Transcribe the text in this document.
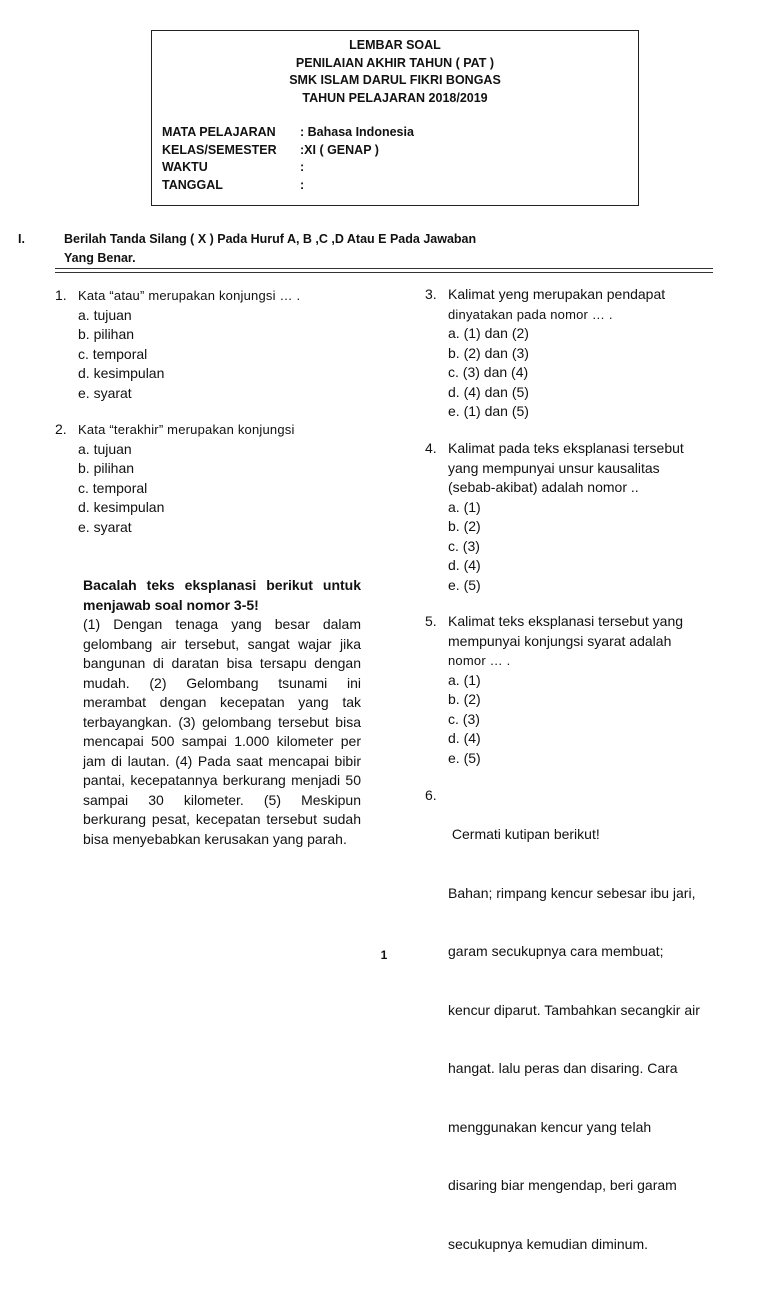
LEMBAR SOAL
PENILAIAN AKHIR TAHUN ( PAT )
SMK ISLAM DARUL FIKRI BONGAS
TAHUN PELAJARAN 2018/2019
MATA PELAJARAN : Bahasa Indonesia
KELAS/SEMESTER :XI ( GENAP )
WAKTU	:
TANGGAL	:
I.	Berilah Tanda Silang ( X ) Pada Huruf A, B ,C ,D Atau E Pada Jawaban
Yang Benar.
1. Kata “atau” merupakan konjungsi … .
a. tujuan
b. pilihan
c. temporal
d. kesimpulan
e. syarat
2. Kata “terakhir” merupakan konjungsi
a. tujuan
b. pilihan
c. temporal
d. kesimpulan
e. syarat
Bacalah teks eksplanasi berikut untuk menjawab soal nomor 3-5!
(1) Dengan tenaga yang besar dalam gelombang air tersebut, sangat wajar jika bangunan di daratan bisa tersapu dengan mudah. (2) Gelombang tsunami ini merambat dengan kecepatan yang tak terbayangkan. (3) gelombang tersebut bisa mencapai 500 sampai 1.000 kilometer per jam di lautan. (4) Pada saat mencapai bibir pantai, kecepatannya berkurang menjadi 50 sampai 30 kilometer. (5) Meskipun berkurang pesat, kecepatan tersebut sudah bisa menyebabkan kerusakan yang parah.
3. Kalimat yeng merupakan pendapat
dinyatakan pada nomor … .
a. (1) dan (2)
b. (2) dan (3)
c. (3) dan (4)
d. (4) dan (5)
e. (1) dan (5)
4. Kalimat pada teks eksplanasi tersebut
yang mempunyai unsur kausalitas
(sebab-akibat) adalah nomor ..
a. (1)
b. (2)
c. (3)
d. (4)
e. (5)
5. Kalimat teks eksplanasi tersebut yang
mempunyai konjungsi syarat adalah
nomor … .
a. (1)
b. (2)
c. (3)
d. (4)
e. (5)
6.

Cermati kutipan berikut!

Bahan; rimpang kencur sebesar ibu jari,

garam secukupnya cara membuat;

kencur diparut. Tambahkan secangkir air

hangat. lalu peras dan disaring. Cara

menggunakan kencur yang telah

disaring biar mengendap, beri garam

secukupnya kemudian diminum.

1
